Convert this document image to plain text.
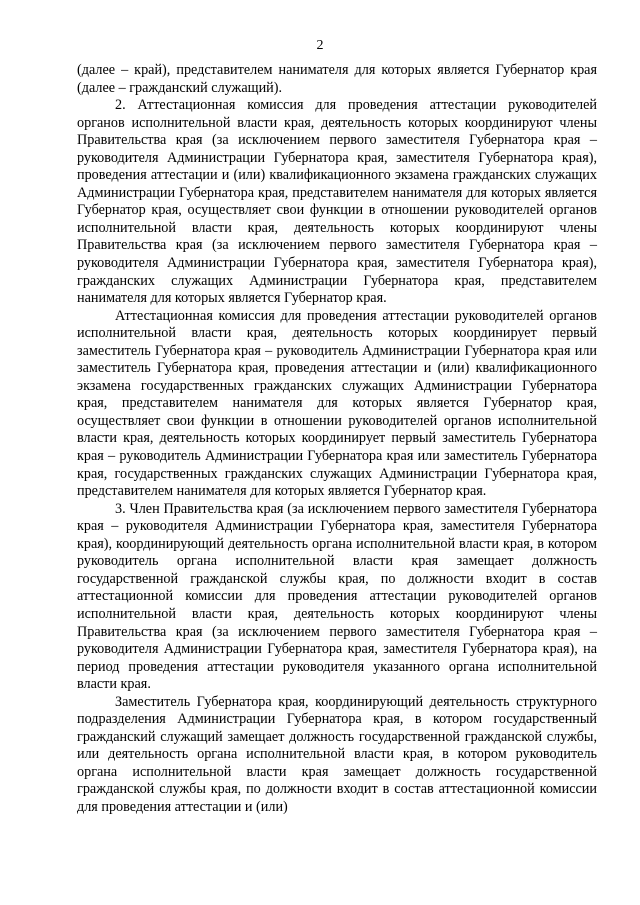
2

(далее – край), представителем нанимателя для которых является Губернатор края (далее – гражданский служащий).

2. Аттестационная комиссия для проведения аттестации руководителей органов исполнительной власти края, деятельность которых координируют члены Правительства края (за исключением первого заместителя Губернатора края – руководителя Администрации Губернатора края, заместителя Губернатора края), проведения аттестации и (или) квалификационного экзамена гражданских служащих Администрации Губернатора края, представителем нанимателя для которых является Губернатор края, осуществляет свои функции в отношении руководителей органов исполнительной власти края, деятельность которых координируют члены Правительства края (за исключением первого заместителя Губернатора края – руководителя Администрации Губернатора края, заместителя Губернатора края), гражданских служащих Администрации Губернатора края, представителем нанимателя для которых является Губернатор края.

Аттестационная комиссия для проведения аттестации руководителей органов исполнительной власти края, деятельность которых координирует первый заместитель Губернатора края – руководитель Администрации Губернатора края или заместитель Губернатора края, проведения аттестации и (или) квалификационного экзамена государственных гражданских служащих Администрации Губернатора края, представителем нанимателя для которых является Губернатор края, осуществляет свои функции в отношении руководителей органов исполнительной власти края, деятельность которых координирует первый заместитель Губернатора края – руководитель Администрации Губернатора края или заместитель Губернатора края, государственных гражданских служащих Администрации Губернатора края, представителем нанимателя для которых является Губернатор края.

3. Член Правительства края (за исключением первого заместителя Губернатора края – руководителя Администрации Губернатора края, заместителя Губернатора края), координирующий деятельность органа исполнительной власти края, в котором руководитель органа исполнительной власти края замещает должность государственной гражданской службы края, по должности входит в состав аттестационной комиссии для проведения аттестации руководителей органов исполнительной власти края, деятельность которых координируют члены Правительства края (за исключением первого заместителя Губернатора края – руководителя Администрации Губернатора края, заместителя Губернатора края), на период проведения аттестации руководителя указанного органа исполнительной власти края.

Заместитель Губернатора края, координирующий деятельность структурного подразделения Администрации Губернатора края, в котором государственный гражданский служащий замещает должность государственной гражданской службы, или деятельность органа исполнительной власти края, в котором руководитель органа исполнительной власти края замещает должность государственной гражданской службы края, по должности входит в состав аттестационной комиссии для проведения аттестации и (или)
